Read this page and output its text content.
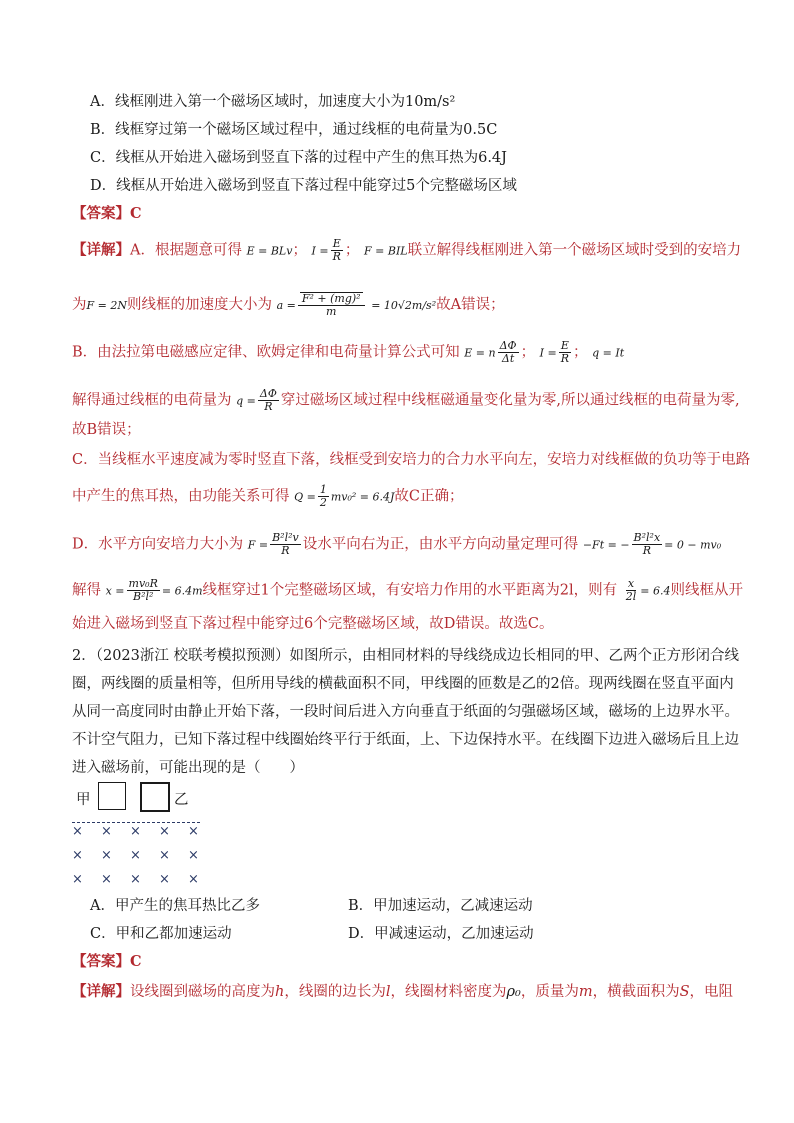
A．线框刚进入第一个磁场区域时，加速度大小为10m/s²
B．线框穿过第一个磁场区域过程中，通过线框的电荷量为0.5C
C．线框从开始进入磁场到竖直下落的过程中产生的焦耳热为6.4J
D．线框从开始进入磁场到竖直下落过程中能穿过5个完整磁场区域
【答案】C
【详解】A．根据题意可得 E = BLv； $I = \frac{E}{R}$ ； F = BIL联立解得线框刚进入第一个磁场区域时受到的安培力
为F = 2N则线框的加速度大小为 $a = \frac{\text{F² + (mg)²}}{m} = 10√2m/s^2$故A错误；
B．由法拉第电磁感应定律、欧姆定律和电荷量计算公式可知 E = n $\frac{\Delta\Phi}{\Delta t}$ ； $I = \frac{E}{R}$ ； q = It
解得通过线框的电荷量为 $q = \frac{\Delta\Phi}{R}$ 穿过磁场区域过程中线框磁通量变化量为零,所以通过线框的电荷量为零,
故B错误；
C．当线框水平速度减为零时竖直下落，线框受到安培力的合力水平向左，安培力对线框做的负功等于电路
中产生的焦耳热，由功能关系可得 $Q = \frac{1}{2} mv_0^2 = 6.4J$故C正确；
D．水平方向安培力大小为 $F = \frac{\text{B²l²v}}{R}$ 设水平向右为正，由水平方向动量定理可得 −Ft = − $\frac{\text{B²l²x}}{R} = 0 - mv_0$
解得 $x = \frac{\text{mv₀R}}{\text{B²l²}} = 6.4m$线框穿过1个完整磁场区域，有安培力作用的水平距离为2l，则有 $\frac{x}{2l} = 6.4$则线框从开
始进入磁场到竖直下落过程中能穿过6个完整磁场区域，故D错误。故选C。
2．（2023浙江 校联考模拟预测）如图所示，由相同材料的导线绕成边长相同的甲、乙两个正方形闭合线
圈，两线圈的质量相等，但所用导线的横截面积不同，甲线圈的匝数是乙的2倍。现两线圈在竖直平面内
从同一高度同时由静止开始下落，一段时间后进入方向垂直于纸面的匀强磁场区域，磁场的上边界水平。
不计空气阻力，已知下落过程中线圈始终平行于纸面，上、下边保持水平。在线圈下边进入磁场后且上边
进入磁场前，可能出现的是（　　）
甲	乙
× × × × ×
× × × × ×
× × × × ×
A．甲产生的焦耳热比乙多	B．甲加速运动，乙减速运动
C．甲和乙都加速运动	D．甲减速运动，乙加速运动
【答案】C
【详解】设线圈到磁场的高度为h，线圈的边长为l，线圈材料密度为ρ₀，质量为m，横截面积为S，电阻
